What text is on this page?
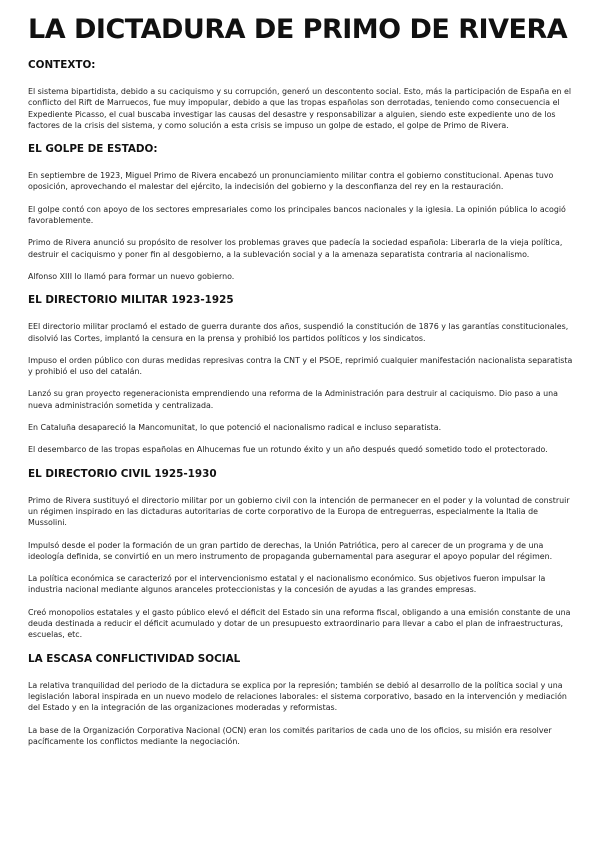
LA DICTADURA DE PRIMO DE RIVERA
CONTEXTO:

El sistema bipartidista, debido a su caciquismo y su corrupción, generó un descontento social. Esto, más la participación de España en el conflicto del Rift de Marruecos, fue muy impopular, debido a que las tropas españolas son derrotadas, teniendo como consecuencia el Expediente Picasso, el cual buscaba investigar las causas del desastre y responsabilizar a alguien, siendo este expediente uno de los factores de la crisis del sistema, y como solución a esta crisis se impuso un golpe de estado, el golpe de Primo de Rivera.

EL GOLPE DE ESTADO:

En septiembre de 1923, Miguel Primo de Rivera encabezó un pronunciamiento militar contra el gobierno constitucional. Apenas tuvo oposición, aprovechando el malestar del ejército, la indecisión del gobierno y la desconfianza del rey en la restauración.

El golpe contó con apoyo de los sectores empresariales como los principales bancos nacionales y la iglesia. La opinión pública lo acogió favorablemente.

Primo de Rivera anunció su propósito de resolver los problemas graves que padecía la sociedad española: Liberarla de la vieja política, destruir el caciquismo y poner fin al desgobierno, a la sublevación social y a la amenaza separatista contraria al nacionalismo.

Alfonso XIII lo llamó para formar un nuevo gobierno.

EL DIRECTORIO MILITAR 1923-1925

EEl directorio militar proclamó el estado de guerra durante dos años, suspendió la constitución de 1876 y las garantías constitucionales, disolvió las Cortes, implantó la censura en la prensa y prohibió los partidos políticos y los sindicatos.

Impuso el orden público con duras medidas represivas contra la CNT y el PSOE, reprimió cualquier manifestación nacionalista separatista y prohibió el uso del catalán.

Lanzó su gran proyecto regeneracionista emprendiendo una reforma de la Administración para destruir al caciquismo. Dio paso a una nueva administración sometida y centralizada.

En Cataluña desapareció la Mancomunitat, lo que potenció el nacionalismo radical e incluso separatista.

El desembarco de las tropas españolas en Alhucemas fue un rotundo éxito y un año después quedó sometido todo el protectorado.

EL DIRECTORIO CIVIL 1925-1930

Primo de Rivera sustituyó el directorio militar por un gobierno civil con la intención de permanecer en el poder y la voluntad de construir un régimen inspirado en las dictaduras autoritarias de corte corporativo de la Europa de entreguerras, especialmente la Italia de Mussolini.

Impulsó desde el poder la formación de un gran partido de derechas, la Unión Patriótica, pero al carecer de un programa y de una ideología definida, se convirtió en un mero instrumento de propaganda gubernamental para asegurar el apoyo popular del régimen.

La política económica se caracterizó por el intervencionismo estatal y el nacionalismo económico. Sus objetivos fueron impulsar la industria nacional mediante algunos aranceles proteccionistas y la concesión de ayudas a las grandes empresas.

Creó monopolios estatales y el gasto público elevó el déficit del Estado sin una reforma fiscal, obligando a una emisión constante de una deuda destinada a reducir el déficit acumulado y dotar de un presupuesto extraordinario para llevar a cabo el plan de infraestructuras, escuelas, etc.

LA ESCASA CONFLICTIVIDAD SOCIAL

La relativa tranquilidad del periodo de la dictadura se explica por la represión; también se debió al desarrollo de la política social y una legislación laboral inspirada en un nuevo modelo de relaciones laborales: el sistema corporativo, basado en la intervención y mediación del Estado y en la integración de las organizaciones moderadas y reformistas.

La base de la Organización Corporativa Nacional (OCN) eran los comités paritarios de cada uno de los oficios, su misión era resolver pacíficamente los conflictos mediante la negociación.
